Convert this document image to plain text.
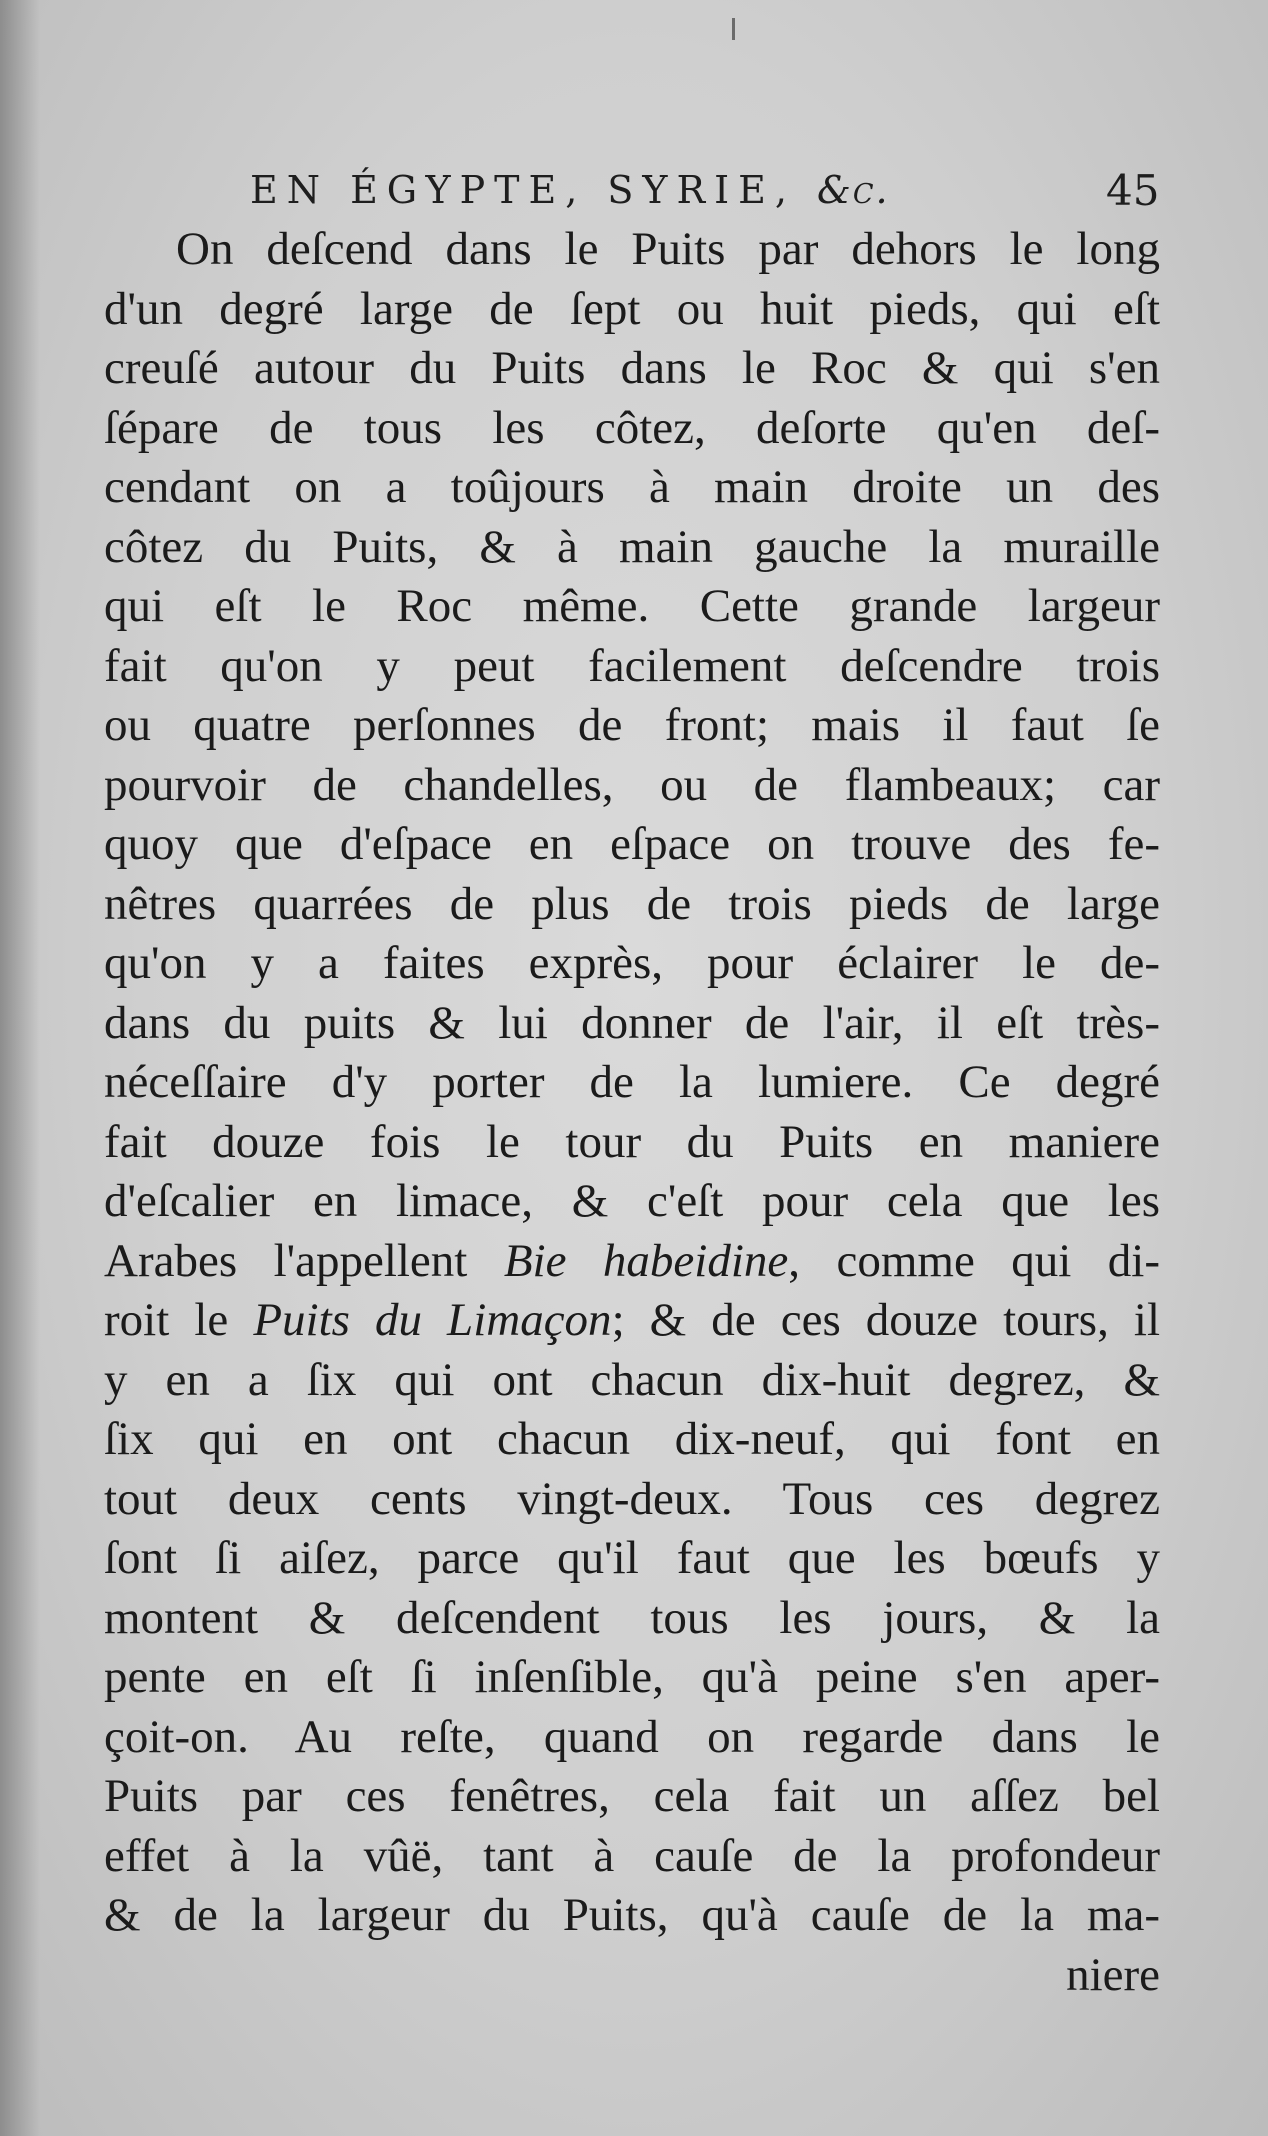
EN ÉGYPTE, SYRIE, &c.	45
On deſcend dans le Puits par dehors le long
d'un degré large de ſept ou huit pieds, qui eſt
creuſé autour du Puits dans le Roc & qui s'en
ſépare de tous les côtez, deſorte qu'en deſ-
cendant on a toûjours à main droite un des
côtez du Puits, & à main gauche la muraille
qui eſt le Roc même. Cette grande largeur
fait qu'on y peut facilement deſcendre trois
ou quatre perſonnes de front; mais il faut ſe
pourvoir de chandelles, ou de flambeaux; car
quoy que d'eſpace en eſpace on trouve des fe-
nêtres quarrées de plus de trois pieds de large
qu'on y a faites exprès, pour éclairer le de-
dans du puits & lui donner de l'air, il eſt très-
néceſſaire d'y porter de la lumiere. Ce degré
fait douze fois le tour du Puits en maniere
d'eſcalier en limace, & c'eſt pour cela que les
Arabes l'appellent Bie habeidine, comme qui di-
roit le Puits du Limaçon; & de ces douze tours, il
y en a ſix qui ont chacun dix-huit degrez, &
ſix qui en ont chacun dix-neuf, qui font en
tout deux cents vingt-deux. Tous ces degrez
ſont ſi aiſez, parce qu'il faut que les bœufs y
montent & deſcendent tous les jours, & la
pente en eſt ſi inſenſible, qu'à peine s'en aper-
çoit-on. Au reſte, quand on regarde dans le
Puits par ces fenêtres, cela fait un aſſez bel
effet à la vûë, tant à cauſe de la profondeur
& de la largeur du Puits, qu'à cauſe de la ma-
niere
